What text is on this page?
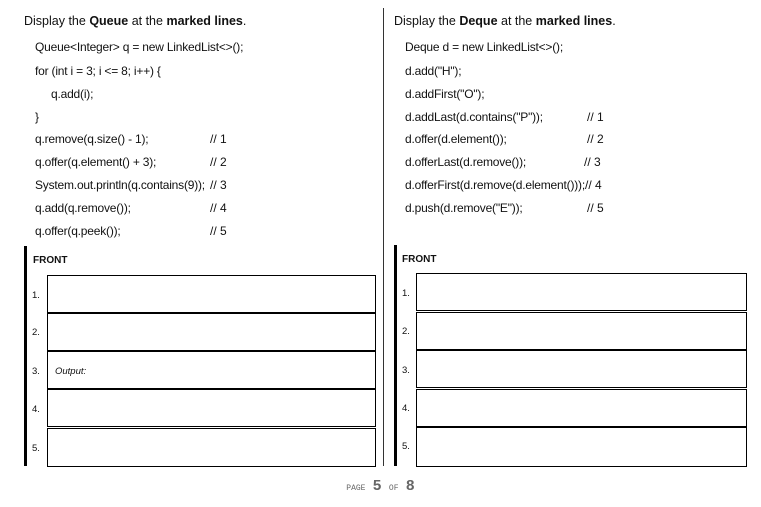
Display the Queue at the marked lines.
Queue<Integer> q = new LinkedList<>();
for (int i = 3; i <= 8; i++) {
q.add(i);
}
q.remove(q.size() - 1);
q.offer(q.element() + 3);
System.out.println(q.contains(9));
q.add(q.remove());
q.offer(q.peek());
// 1
// 2
// 3
// 4
// 5
FRONT
1.
2.
3. Output:
4.
5.
Display the Deque at the marked lines.
Deque d = new LinkedList<>();
d.add("H");
d.addFirst("O");
d.addLast(d.contains("P"));
d.offer(d.element());
d.offerLast(d.remove());
d.offerFirst(d.remove(d.element()));
d.push(d.remove("E"));
// 1
// 2
// 3
// 4
// 5
FRONT
1.
2.
3.
4.
5.
page 5 of 8
